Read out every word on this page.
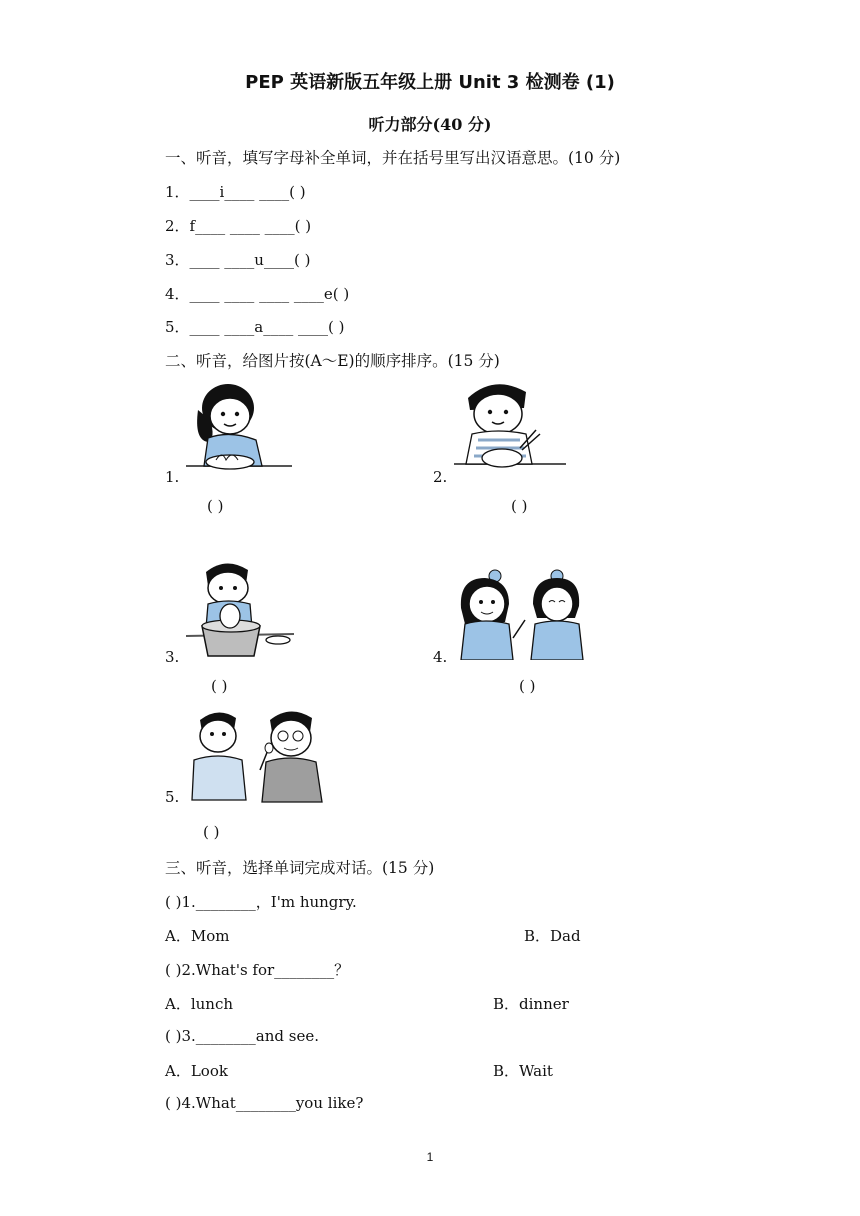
PEP 英语新版五年级上册 Unit 3 检测卷 (1)
听力部分(40 分)
一、听音，填写字母补全单词，并在括号里写出汉语意思。(10 分)
1．____i____ ____( )
2．f____ ____ ____( )
3．____ ____u____( )
4．____ ____ ____ ____e( )
5．____ ____a____ ____( )
二、听音，给图片按(A～E)的顺序排序。(15 分)
1.
( )
2.
( )
3.
( )
4.
( )
5.
( )
三、听音，选择单词完成对话。(15 分)
( )1.________，I'm hungry.
A．Mom	B．Dad
( )2.What's for________？
A．lunch	B．dinner
( )3.________and see.
A．Look	B．Wait
( )4.What________you like?
1
